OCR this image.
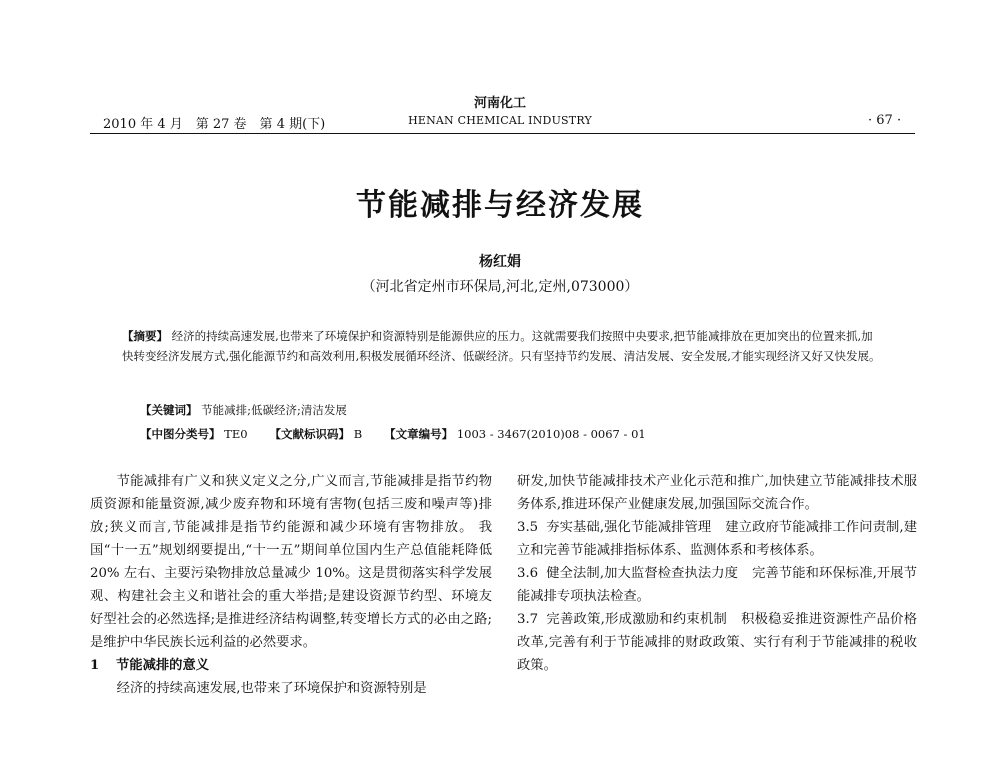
河南化工
2010 年 4 月　第 27 卷　第 4 期(下)	HENAN CHEMICAL INDUSTRY	· 67 ·
节能减排与经济发展
杨红娟
（河北省定州市环保局,河北,定州,073000）
【摘要】 经济的持续高速发展,也带来了环境保护和资源特别是能源供应的压力。这就需要我们按照中央要求,把节能减排放在更加突出的位置来抓,加快转变经济发展方式,强化能源节约和高效利用,积极发展循环经济、低碳经济。只有坚持节约发展、清洁发展、安全发展,才能实现经济又好又快发展。
【关键词】 节能减排;低碳经济;清洁发展
【中图分类号】 TE0 【文献标识码】 B 【文章编号】 1003 - 3467(2010)08 - 0067 - 01

节能减排有广义和狭义定义之分,广义而言,节能减排是指节约物质资源和能量资源,减少废弃物和环境有害物(包括三废和噪声等)排放;狭义而言,节能减排是指节约能源和减少环境有害物排放。 我国“十一五”规划纲要提出,“十一五”期间单位国内生产总值能耗降低 20% 左右、主要污染物排放总量减少 10%。这是贯彻落实科学发展观、构建社会主义和谐社会的重大举措;是建设资源节约型、环境友好型社会的必然选择;是推进经济结构调整,转变增长方式的必由之路;是维护中华民族长远利益的必然要求。

1 节能减排的意义

经济的持续高速发展,也带来了环境保护和资源特别是

研发,加快节能减排技术产业化示范和推广,加快建立节能减排技术服务体系,推进环保产业健康发展,加强国际交流合作。

3.5 夯实基础,强化节能减排管理 建立政府节能减排工作问责制,建立和完善节能减排指标体系、监测体系和考核体系。

3.6 健全法制,加大监督检查执法力度 完善节能和环保标准,开展节能减排专项执法检查。

3.7 完善政策,形成激励和约束机制 积极稳妥推进资源性产品价格改革,完善有利于节能减排的财政政策、实行有利于节能减排的税收政策。
